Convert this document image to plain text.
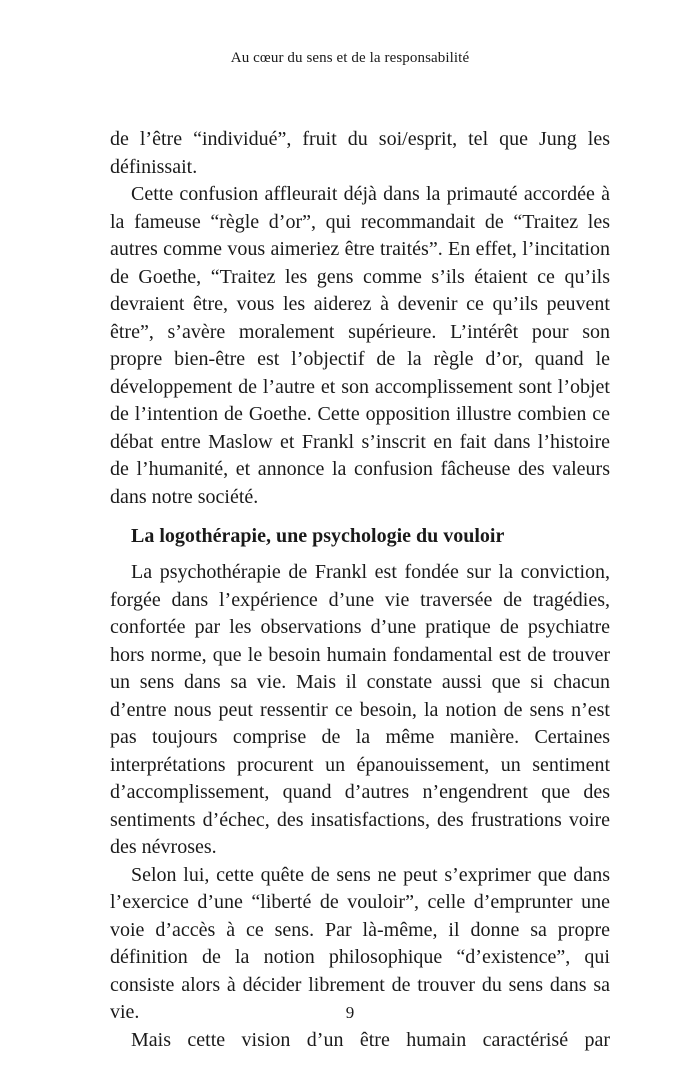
Au cœur du sens et de la responsabilité

de l’être “individué”, fruit du soi/esprit, tel que Jung les définissait.

Cette confusion affleurait déjà dans la primauté accordée à la fameuse “règle d’or”, qui recommandait de “Traitez les autres comme vous aimeriez être traités”. En effet, l’incitation de Goethe, “Traitez les gens comme s’ils étaient ce qu’ils devraient être, vous les aiderez à devenir ce qu’ils peuvent être”, s’avère moralement supérieure. L’intérêt pour son propre bien-être est l’objectif de la règle d’or, quand le développement de l’autre et son accomplissement sont l’objet de l’intention de Goethe. Cette opposition illustre combien ce débat entre Maslow et Frankl s’inscrit en fait dans l’histoire de l’humanité, et annonce la confusion fâcheuse des valeurs dans notre société.

La logothérapie, une psychologie du vouloir

La psychothérapie de Frankl est fondée sur la conviction, forgée dans l’expérience d’une vie traversée de tragédies, confortée par les observations d’une pratique de psychiatre hors norme, que le besoin humain fondamental est de trouver un sens dans sa vie. Mais il constate aussi que si chacun d’entre nous peut ressentir ce besoin, la notion de sens n’est pas toujours comprise de la même manière. Certaines interprétations procurent un épanouissement, un sentiment d’accomplissement, quand d’autres n’engendrent que des sentiments d’échec, des insatisfactions, des frustrations voire des névroses.

Selon lui, cette quête de sens ne peut s’exprimer que dans l’exercice d’une “liberté de vouloir”, celle d’emprunter une voie d’accès à ce sens. Par là-même, il donne sa propre définition de la notion philosophique “d’existence”, qui consiste alors à décider librement de trouver du sens dans sa vie.

Mais cette vision d’un être humain caractérisé par

9
